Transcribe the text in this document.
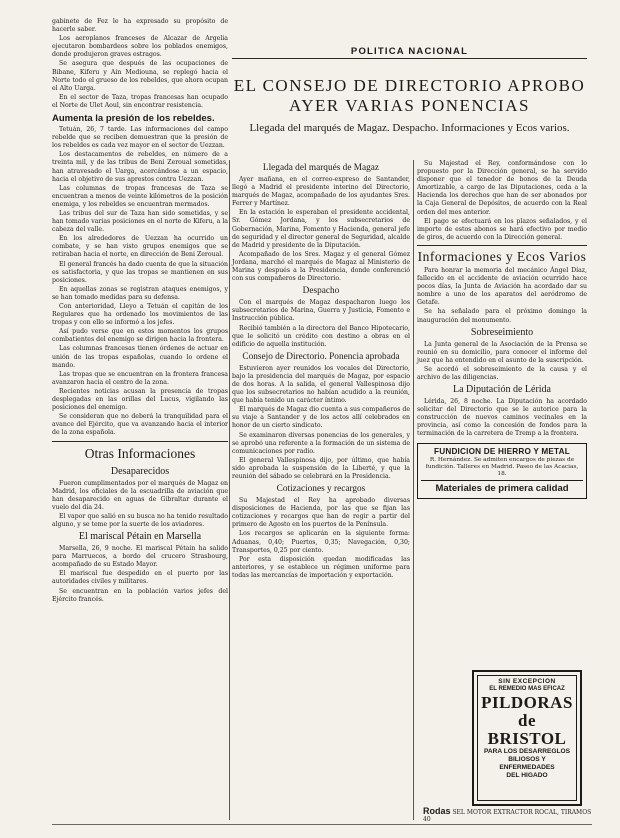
POLITICA NACIONAL
EL CONSEJO DE DIRECTORIO APROBO
AYER VARIAS PONENCIAS
Llegada del marqués de Magaz. Despacho. Informaciones y Ecos varios.

gabinete de Fez le ha expresado su propósito de hacerle saber.

Los aeroplanos franceses de Alcazar de Argelia ejecutaron bombardeos sobre los poblados enemigos, donde produjeron graves estragos.

Se asegura que después de las ocupaciones de Bibane, Kiferu y Ain Mediouna, se replegó hacia el Norte todo el grueso de los rebeldes, que ahora ocupan el Alto Uarga.

En el sector de Taza, tropas francesas han ocupado el Norte de Ulet Aoul, sin encontrar resistencia.

Aumenta la presión de los rebeldes.

Tetuán, 26, 7 tarde. Las informaciones del campo rebelde que se reciben demuestran que la presión de los rebeldes es cada vez mayor en el sector de Uezzan.

Los destacamentos de rebeldes, en número de a treinta mil, y de las tribus de Beni Zeroual sometidas, han atravesado el Uarga, acercándose a un espacio, hacia el objetivo de sus aprestos contra Uezzan.

Las columnas de tropas francesas de Taza se encuentran a menos de veinte kilómetros de la posición enemiga, y los rebeldes se encuentran mermados.

Las tribus del sur de Taza han sido sometidas, y se han tomado varias posiciones en el norte de Kiferu, a la cabeza del valle.

En los alrededores de Uezzan ha ocurrido un combate, y se han visto grupos enemigos que se retiraban hacia el norte, en dirección de Beni Zeroual.

El general francés ha dado cuenta de que la situación es satisfactoria, y que las tropas se mantienen en sus posiciones.

En aquellas zonas se registran ataques enemigos, y se han tomado medidas para su defensa.

Con anterioridad, Lleyo a Tetuán el capitán de los Regulares que ha ordenado los movimientos de las tropas y con ello se informó a los jefes.

Así pudo verse que en estos momentos los grupos combatientes del enemigo se dirigen hacia la frontera.

Las columnas francesas tienen órdenes de actuar en unión de las tropas españolas, cuando lo ordene el mando.

Las tropas que se encuentran en la frontera francesa avanzaron hacia el centro de la zona.

Recientes noticias acusan la presencia de tropas desplegadas en las orillas del Lucus, vigilando las posiciones del enemigo.

Se consideran que no deberá la tranquilidad para el avance del Ejército, que va avanzando hacia el interior de la zona española.

Otras Informaciones
Desaparecidos

Fueron cumplimentados por el marqués de Magaz en Madrid, los oficiales de la escuadrilla de aviación que han desaparecido en aguas de Gibraltar durante el vuelo del día 24.

El vapor que salió en su busca no ha tenido resultado alguno, y se teme por la suerte de los aviadores.

El mariscal Pétain en Marsella

Marsella, 26, 9 noche. El mariscal Pétain ha salido para Marruecos, a bordo del crucero Strasbourg, acompañado de su Estado Mayor.

El mariscal fue despedido en el puerto por las autoridades civiles y militares.

Se encuentran en la población varios jefes del Ejército francés.

Llegada del marqués de Magaz

Ayer mañana, en el correo-expreso de Santander, llegó a Madrid el presidente interino del Directorio, marqués de Magaz, acompañado de los ayudantes Sres. Ferrer y Martínez.

En la estación le esperaban el presidente accidental, Sr. Gómez Jordana, y los subsecretarios de Gobernación, Marina, Fomento y Hacienda, general jefe de seguridad y el director general de Seguridad, alcalde de Madrid y presidente de la Diputación.

Acompañado de los Sres. Magaz y el general Gómez Jordana, marchó el marqués de Magaz al Ministerio de Marina y después a la Presidencia, donde conferenció con sus compañeros de Directorio.

Despacho

Con el marqués de Magaz despacharon luego los subsecretarios de Marina, Guerra y Justicia, Fomento e Instrucción pública.

Recibió también a la directora del Banco Hipotecario, que le solicitó un crédito con destino a obras en el edificio de aquella institución.

Consejo de Directorio. Ponencia aprobada

Estuvieron ayer reunidos los vocales del Directorio, bajo la presidencia del marqués de Magaz, por espacio de dos horas. A la salida, el general Vallespinosa dijo que los subsecretarios no habían acudido a la reunión, que había tenido un carácter íntimo.

El marqués de Magaz dio cuenta a sus compañeros de su viaje a Santander y de los actos allí celebrados en honor de un cierto sindicato.

Se examinaron diversas ponencias de los generales, y se aprobó una referente a la formación de un sistema de comunicaciones por radio.

El general Vallespinosa dijo, por último, que había sido aprobada la suspensión de la Liberté, y que la reunión del sábado se celebrará en la Presidencia.

Cotizaciones y recargos

Su Majestad el Rey ha aprobado diversas disposiciones de Hacienda, por las que se fijan las cotizaciones y recargos que han de regir a partir del primero de Agosto en los puertos de la Península.

Los recargos se aplicarán en la siguiente forma: Aduanas, 0,40; Puertos, 0,35; Navegación, 0,30; Transportes, 0,25 por ciento.

Por esta disposición quedan modificadas las anteriores, y se establece un régimen uniforme para todas las mercancías de importación y exportación.

Su Majestad el Rey, conformándose con lo propuesto por la Dirección general, se ha servido disponer que el tenedor de bonos de la Deuda Amortizable, a cargo de las Diputaciones, ceda a la Hacienda los derechos que han de ser abonados por la Caja General de Depósitos, de acuerdo con la Real orden del mes anterior.

El pago se efectuará en los plazos señalados, y el importe de estos abonos se hará efectivo por medio de giros, de acuerdo con la Dirección general.

Informaciones y Ecos Varios

Para honrar la memoria del mecánico Ángel Díaz, fallecido en el accidente de aviación ocurrido hace pocos días, la Junta de Aviación ha acordado dar su nombre a uno de los aparatos del aeródromo de Getafe.

Se ha señalado para el próximo domingo la inauguración del monumento.

Sobreseimiento

La Junta general de la Asociación de la Prensa se reunió en su domicilio, para conocer el informe del juez que ha entendido en el asunto de la suscripción.

Se acordó el sobreseimiento de la causa y el archivo de las diligencias.

La Diputación de Lérida

Lérida, 26, 8 noche. La Diputación ha acordado solicitar del Directorio que se le autorice para la construcción de nuevos caminos vecinales en la provincia, así como la concesión de fondos para la terminación de la carretera de Tremp a la frontera.

FUNDICION DE HIERRO Y METAL
R. Hernández. Se admiten encargos de piezas de fundición. Talleres en Madrid. Paseo de las Acacias, 18.
Materiales de primera calidad
SIN EXCEPCION
EL REMEDIO MAS EFICAZ
PILDORAS
de BRISTOL
PARA LOS DESARREGLOS
BILIOSOS Y ENFERMEDADES
DEL HIGADO
Rodas SEL MOTOR EXTRACTOR ROCAL, TIRAMOS 40
